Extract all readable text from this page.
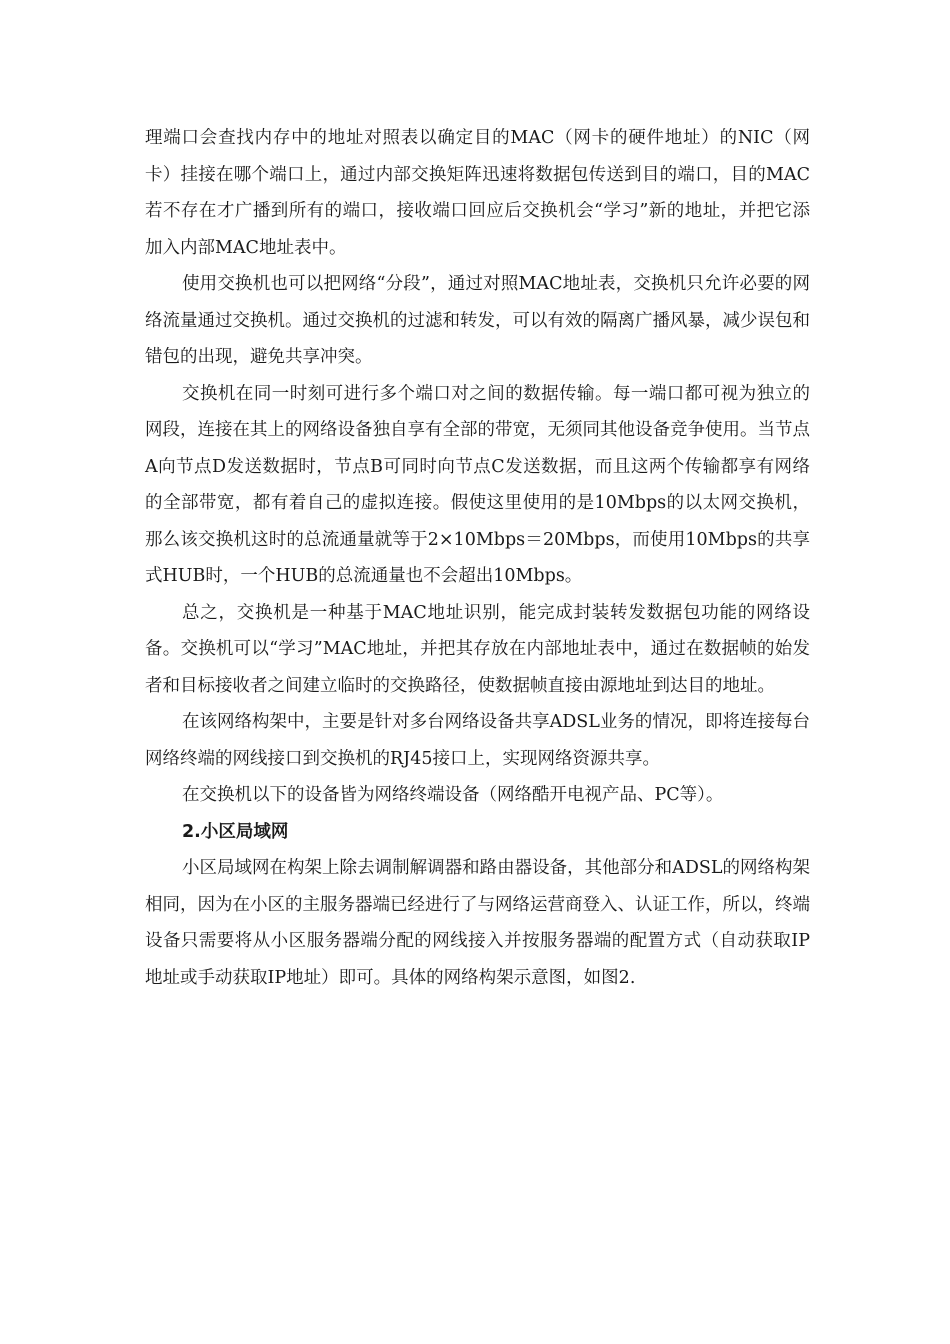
理端口会查找内存中的地址对照表以确定目的MAC（网卡的硬件地址）的NIC（网卡）挂接在哪个端口上，通过内部交换矩阵迅速将数据包传送到目的端口，目的MAC若不存在才广播到所有的端口，接收端口回应后交换机会“学习”新的地址，并把它添加入内部MAC地址表中。

使用交换机也可以把网络“分段”，通过对照MAC地址表，交换机只允许必要的网络流量通过交换机。通过交换机的过滤和转发，可以有效的隔离广播风暴，减少误包和错包的出现，避免共享冲突。

交换机在同一时刻可进行多个端口对之间的数据传输。每一端口都可视为独立的网段，连接在其上的网络设备独自享有全部的带宽，无须同其他设备竞争使用。当节点A向节点D发送数据时，节点B可同时向节点C发送数据，而且这两个传输都享有网络的全部带宽，都有着自己的虚拟连接。假使这里使用的是10Mbps的以太网交换机，那么该交换机这时的总流通量就等于2×10Mbps＝20Mbps，而使用10Mbps的共享式HUB时，一个HUB的总流通量也不会超出10Mbps。

总之，交换机是一种基于MAC地址识别，能完成封装转发数据包功能的网络设备。交换机可以“学习”MAC地址，并把其存放在内部地址表中，通过在数据帧的始发者和目标接收者之间建立临时的交换路径，使数据帧直接由源地址到达目的地址。

在该网络构架中，主要是针对多台网络设备共享ADSL业务的情况，即将连接每台网络终端的网线接口到交换机的RJ45接口上，实现网络资源共享。

在交换机以下的设备皆为网络终端设备（网络酷开电视产品、PC等）。

2.小区局域网

小区局域网在构架上除去调制解调器和路由器设备，其他部分和ADSL的网络构架相同，因为在小区的主服务器端已经进行了与网络运营商登入、认证工作，所以，终端设备只需要将从小区服务器端分配的网线接入并按服务器端的配置方式（自动获取IP地址或手动获取IP地址）即可。具体的网络构架示意图，如图2.
